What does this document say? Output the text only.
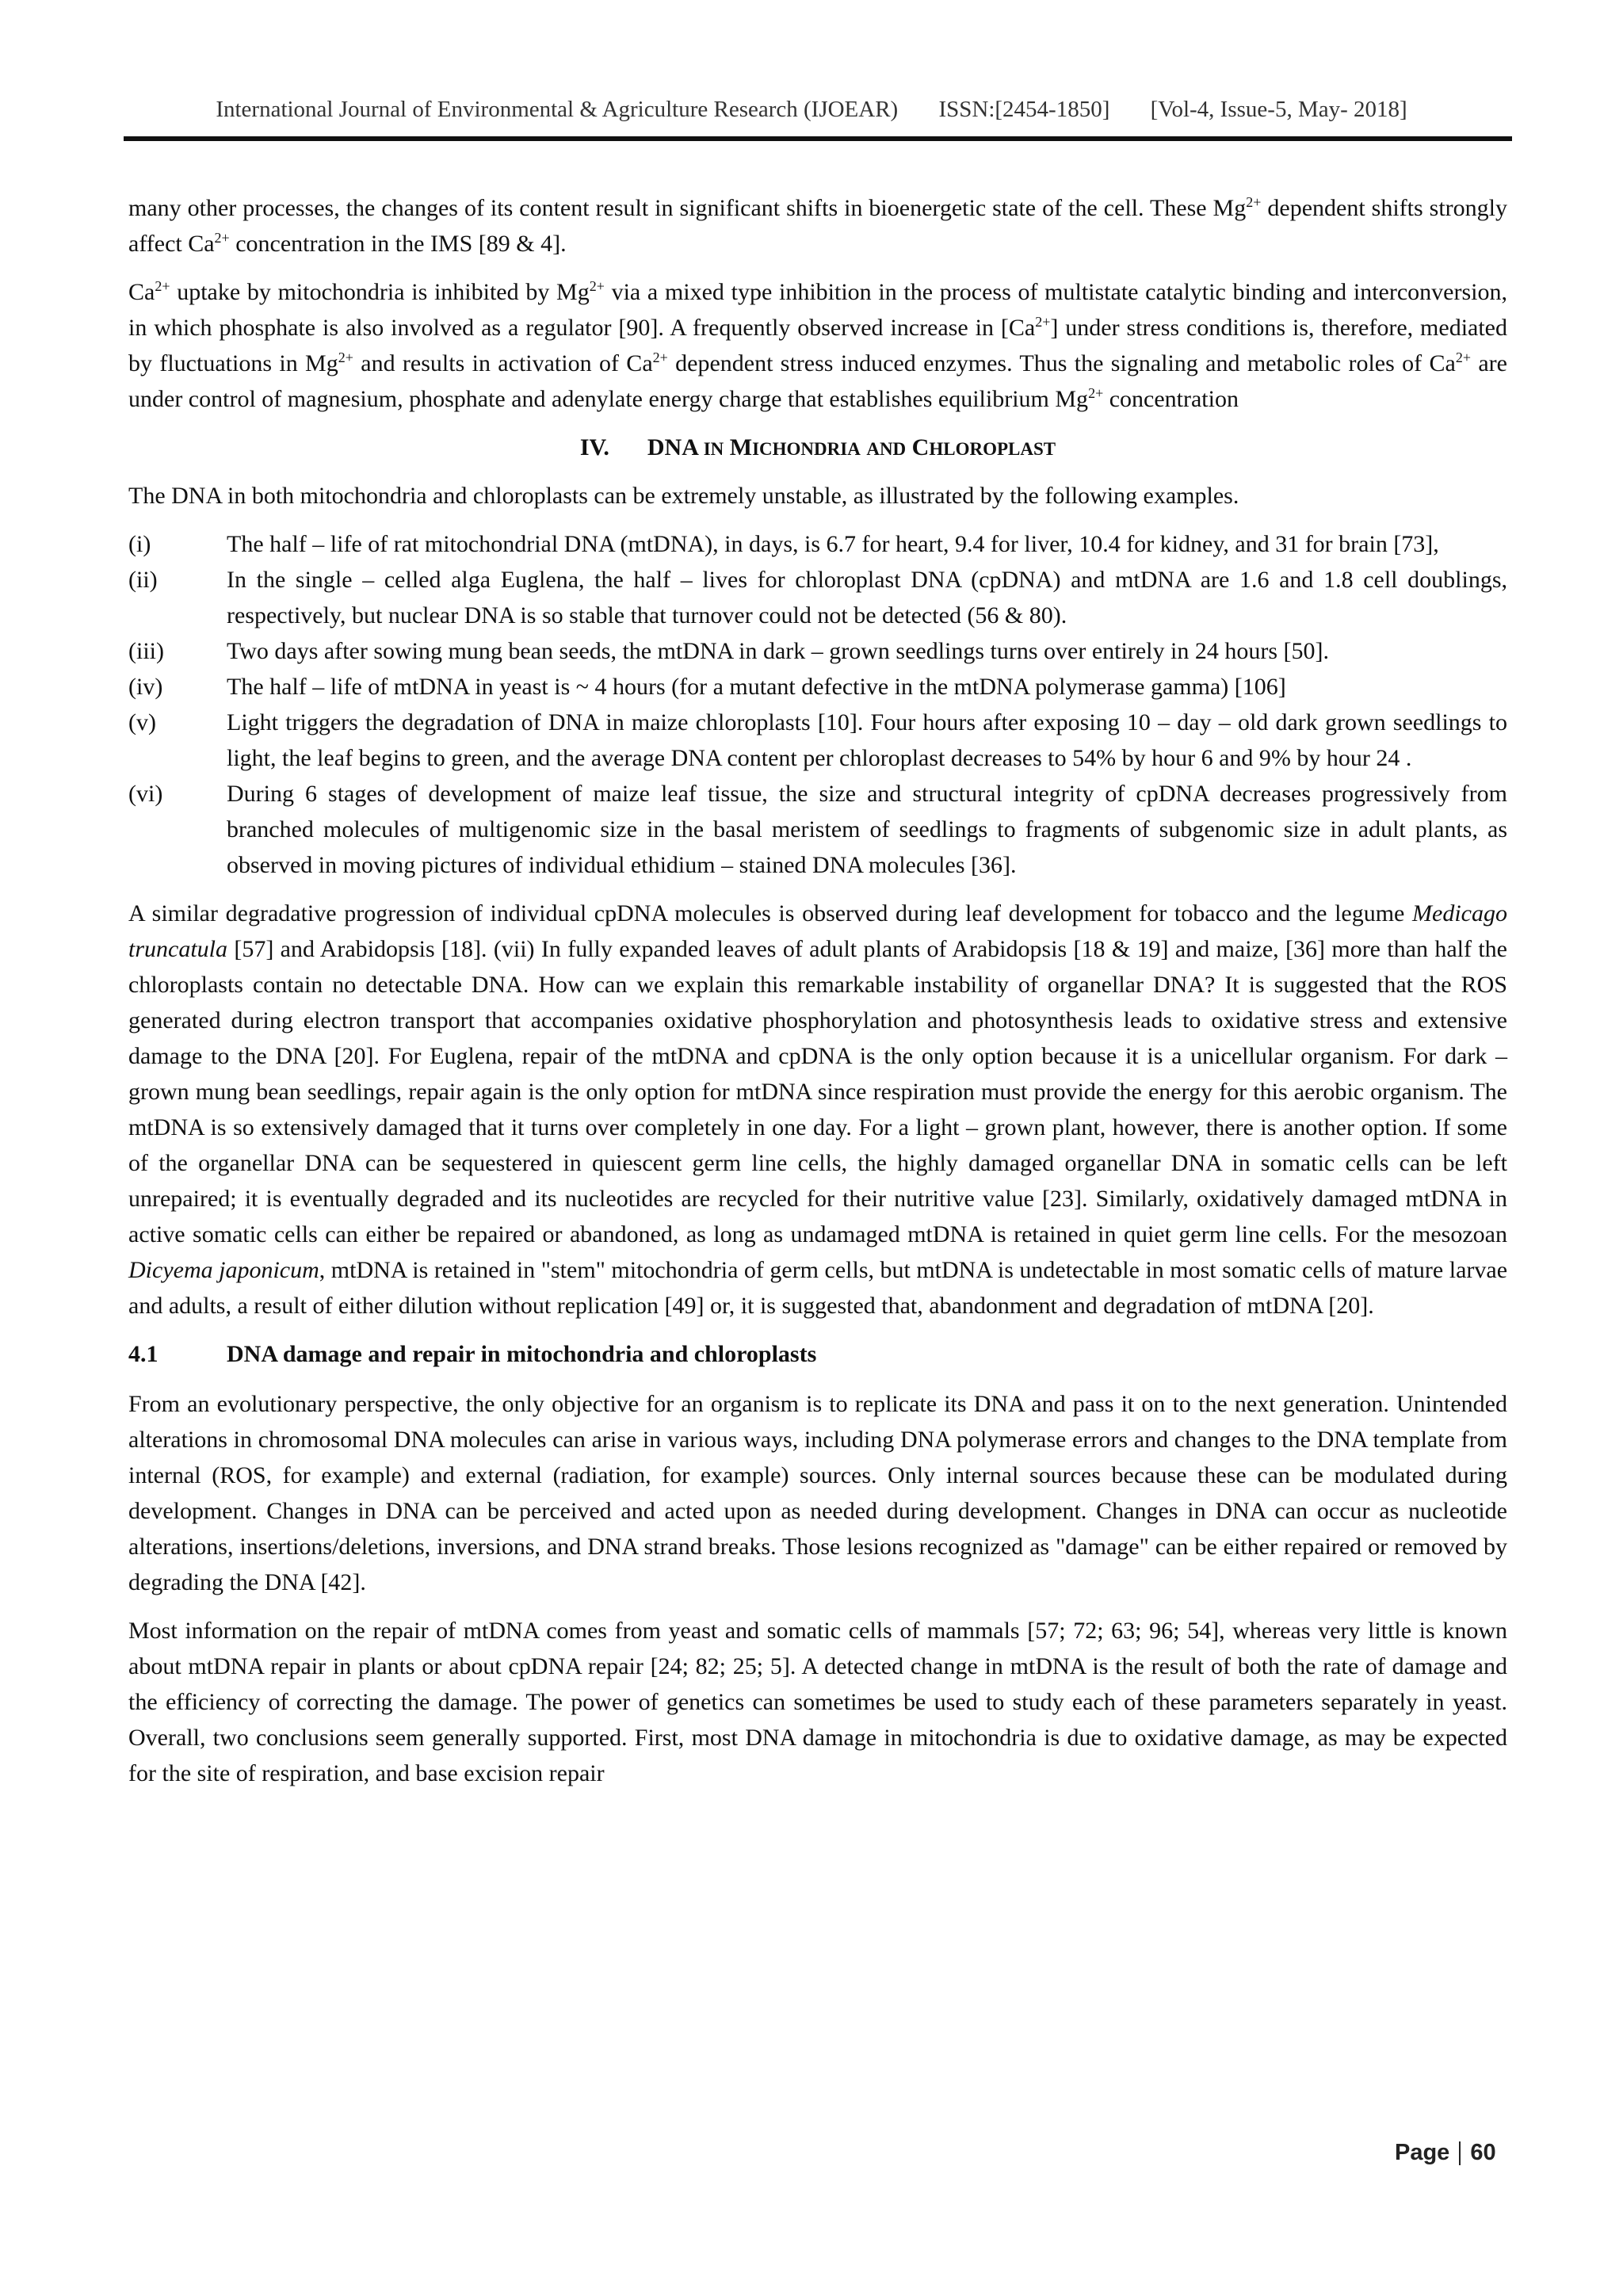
International Journal of Environmental & Agriculture Research (IJOEAR) ISSN:[2454-1850] [Vol-4, Issue-5, May- 2018]

many other processes, the changes of its content result in significant shifts in bioenergetic state of the cell. These $Mg^{2+}$ dependent shifts strongly affect $Ca^{2+}$ concentration in the IMS [89 & 4].

$Ca^{2+}$ uptake by mitochondria is inhibited by $Mg^{2+}$ via a mixed type inhibition in the process of multistate catalytic binding and interconversion, in which phosphate is also involved as a regulator [90]. A frequently observed increase in $[Ca^{2+}]$ under stress conditions is, therefore, mediated by fluctuations in $Mg^{2+}$ and results in activation of $Ca^{2+}$ dependent stress induced enzymes. Thus the signaling and metabolic roles of $Ca^{2+}$ are under control of magnesium, phosphate and adenylate energy charge that establishes equilibrium $Mg^{2+}$ concentration

IV. DNA IN MICHONDRIA AND CHLOROPLAST

The DNA in both mitochondria and chloroplasts can be extremely unstable, as illustrated by the following examples.

(i)	The half – life of rat mitochondrial DNA (mtDNA), in days, is 6.7 for heart, 9.4 for liver, 10.4 for kidney, and 31 for brain [73],
(ii)	In the single – celled alga Euglena, the half – lives for chloroplast DNA (cpDNA) and mtDNA are 1.6 and 1.8 cell doublings, respectively, but nuclear DNA is so stable that turnover could not be detected (56 & 80).
(iii)	Two days after sowing mung bean seeds, the mtDNA in dark – grown seedlings turns over entirely in 24 hours [50].
(iv)	The half – life of mtDNA in yeast is ~ 4 hours (for a mutant defective in the mtDNA polymerase gamma) [106]
(v)	Light triggers the degradation of DNA in maize chloroplasts [10]. Four hours after exposing 10 – day – old dark grown seedlings to light, the leaf begins to green, and the average DNA content per chloroplast decreases to 54% by hour 6 and 9% by hour 24 .
(vi)	During 6 stages of development of maize leaf tissue, the size and structural integrity of cpDNA decreases progressively from branched molecules of multigenomic size in the basal meristem of seedlings to fragments of subgenomic size in adult plants, as observed in moving pictures of individual ethidium – stained DNA molecules [36].

A similar degradative progression of individual cpDNA molecules is observed during leaf development for tobacco and the legume Medicago truncatula [57] and Arabidopsis [18]. (vii) In fully expanded leaves of adult plants of Arabidopsis [18 & 19] and maize, [36] more than half the chloroplasts contain no detectable DNA. How can we explain this remarkable instability of organellar DNA? It is suggested that the ROS generated during electron transport that accompanies oxidative phosphorylation and photosynthesis leads to oxidative stress and extensive damage to the DNA [20]. For Euglena, repair of the mtDNA and cpDNA is the only option because it is a unicellular organism. For dark – grown mung bean seedlings, repair again is the only option for mtDNA since respiration must provide the energy for this aerobic organism. The mtDNA is so extensively damaged that it turns over completely in one day. For a light – grown plant, however, there is another option. If some of the organellar DNA can be sequestered in quiescent germ line cells, the highly damaged organellar DNA in somatic cells can be left unrepaired; it is eventually degraded and its nucleotides are recycled for their nutritive value [23]. Similarly, oxidatively damaged mtDNA in active somatic cells can either be repaired or abandoned, as long as undamaged mtDNA is retained in quiet germ line cells. For the mesozoan Dicyema japonicum, mtDNA is retained in "stem" mitochondria of germ cells, but mtDNA is undetectable in most somatic cells of mature larvae and adults, a result of either dilution without replication [49] or, it is suggested that, abandonment and degradation of mtDNA [20].

4.1	DNA damage and repair in mitochondria and chloroplasts

From an evolutionary perspective, the only objective for an organism is to replicate its DNA and pass it on to the next generation. Unintended alterations in chromosomal DNA molecules can arise in various ways, including DNA polymerase errors and changes to the DNA template from internal (ROS, for example) and external (radiation, for example) sources. Only internal sources because these can be modulated during development. Changes in DNA can be perceived and acted upon as needed during development. Changes in DNA can occur as nucleotide alterations, insertions/deletions, inversions, and DNA strand breaks. Those lesions recognized as "damage" can be either repaired or removed by degrading the DNA [42].

Most information on the repair of mtDNA comes from yeast and somatic cells of mammals [57; 72; 63; 96; 54], whereas very little is known about mtDNA repair in plants or about cpDNA repair [24; 82; 25; 5]. A detected change in mtDNA is the result of both the rate of damage and the efficiency of correcting the damage. The power of genetics can sometimes be used to study each of these parameters separately in yeast. Overall, two conclusions seem generally supported. First, most DNA damage in mitochondria is due to oxidative damage, as may be expected for the site of respiration, and base excision repair

Page 60
